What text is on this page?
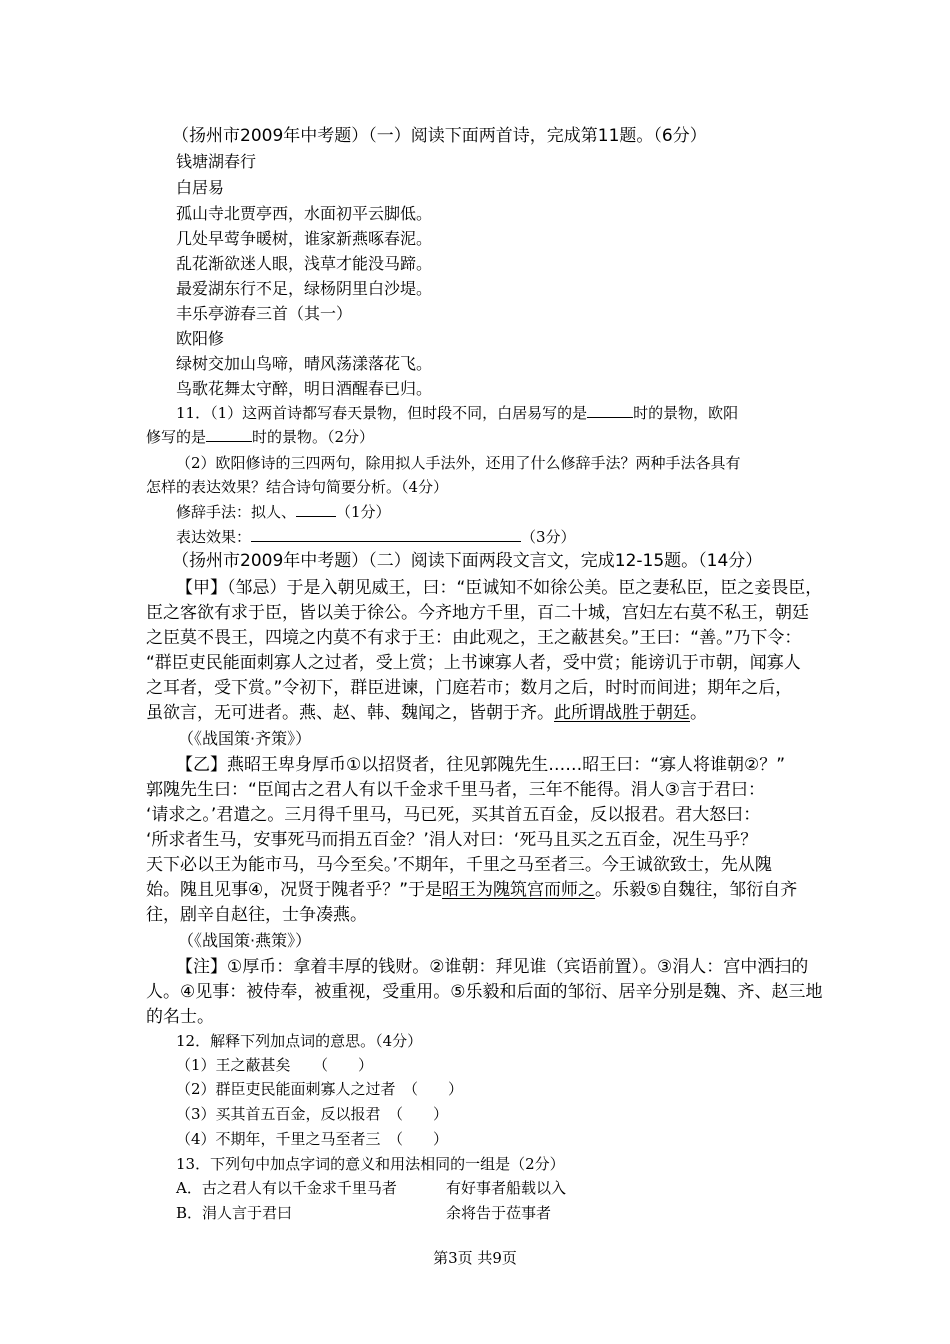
（扬州市2009年中考题）（一）阅读下面两首诗，完成第11题。（6分）
钱塘湖春行
白居易
孤山寺北贾亭西，水面初平云脚低。
几处早莺争暖树，谁家新燕啄春泥。
乱花渐欲迷人眼，浅草才能没马蹄。
最爱湖东行不足，绿杨阴里白沙堤。
丰乐亭游春三首（其一）
欧阳修
绿树交加山鸟啼，晴风荡漾落花飞。
鸟歌花舞太守醉，明日酒醒春已归。
11．（1）这两首诗都写春天景物，但时段不同，白居易写的是	时的景物，欧阳
修写的是	时的景物。（2分）
（2）欧阳修诗的三四两句，除用拟人手法外，还用了什么修辞手法？两种手法各具有
怎样的表达效果？结合诗句简要分析。（4分）
修辞手法：拟人、	（1分）
表达效果：	（3分）
（扬州市2009年中考题）（二）阅读下面两段文言文，完成12-15题。（14分）
【甲】（邹忌）于是入朝见威王，曰：“臣诚知不如徐公美。臣之妻私臣，臣之妾畏臣，
臣之客欲有求于臣，皆以美于徐公。今齐地方千里，百二十城，宫妇左右莫不私王，朝廷
之臣莫不畏王，四境之内莫不有求于王：由此观之，王之蔽甚矣。”王曰：“善。”乃下令：
“群臣吏民能面刺寡人之过者，受上赏；上书谏寡人者，受中赏；能谤讥于市朝，闻寡人
之耳者，受下赏。”令初下，群臣进谏，门庭若市；数月之后，时时而间进；期年之后，
虽欲言，无可进者。燕、赵、韩、魏闻之，皆朝于齐。此所谓战胜于朝廷。
（《战国策·齐策》）
【乙】燕昭王卑身厚币①以招贤者，往见郭隗先生……昭王曰：“寡人将谁朝②？”
郭隗先生曰：“臣闻古之君人有以千金求千里马者，三年不能得。涓人③言于君曰：
‘请求之。’君遣之。三月得千里马，马已死，买其首五百金，反以报君。君大怒曰：
‘所求者生马，安事死马而捐五百金？’涓人对曰：‘死马且买之五百金，况生马乎？
天下必以王为能市马，马今至矣。’不期年，千里之马至者三。今王诚欲致士，先从隗
始。隗且见事④，况贤于隗者乎？”于是昭王为隗筑宫而师之。乐毅⑤自魏往，邹衍自齐
往，剧辛自赵往，士争凑燕。
（《战国策·燕策》）
【注】①厚币：拿着丰厚的钱财。②谁朝：拜见谁（宾语前置）。③涓人：宫中洒扫的
人。④见事：被侍奉，被重视，受重用。⑤乐毅和后面的邹衍、居辛分别是魏、齐、赵三地
的名士。
12．解释下列加点词的意思。（4分）
（1）王之蔽甚矣　　（　　）
（2）群臣吏民能面刺寡人之过者　（　　）
（3）买其首五百金，反以报君　（　　）
（4）不期年，千里之马至者三　（　　）
13．下列句中加点字词的意义和用法相同的一组是（2分）
A．古之君人有以千金求千里马者	有好事者船载以入
B．涓人言于君曰	余将告于莅事者
第3页 共9页
